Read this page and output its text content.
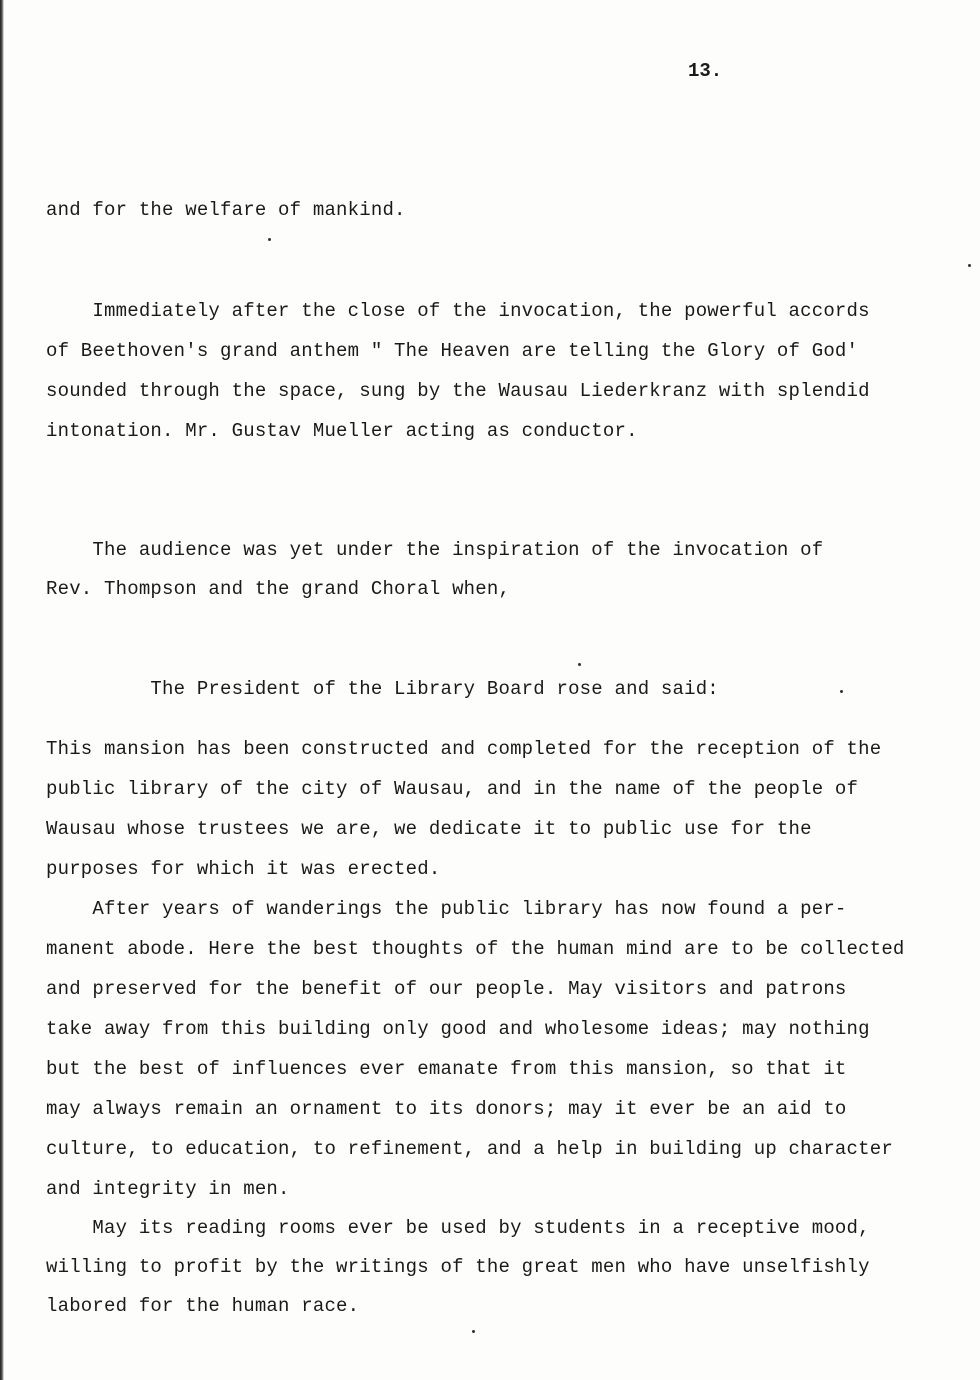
13.
and for the welfare of mankind.
Immediately after the close of the invocation, the powerful accords
of Beethoven's grand anthem " The Heaven are telling the Glory of God'
sounded through the space, sung by the Wausau Liederkranz with splendid
intonation. Mr. Gustav Mueller acting as conductor.
The audience was yet under the inspiration of the invocation of
Rev. Thompson and the grand Choral when,
The President of the Library Board rose and said:
This mansion has been constructed and completed for the reception of the
public library of the city of Wausau, and in the name of the people of
Wausau whose trustees we are, we dedicate it to public use for the
purposes for which it was erected.
After years of wanderings the public library has now found a per-
manent abode. Here the best thoughts of the human mind are to be collected
and preserved for the benefit of our people. May visitors and patrons
take away from this building only good and wholesome ideas; may nothing
but the best of influences ever emanate from this mansion, so that it
may always remain an ornament to its donors; may it ever be an aid to
culture, to education, to refinement, and a help in building up character
and integrity in men.
May its reading rooms ever be used by students in a receptive mood,
willing to profit by the writings of the great men who have unselfishly
labored for the human race.
